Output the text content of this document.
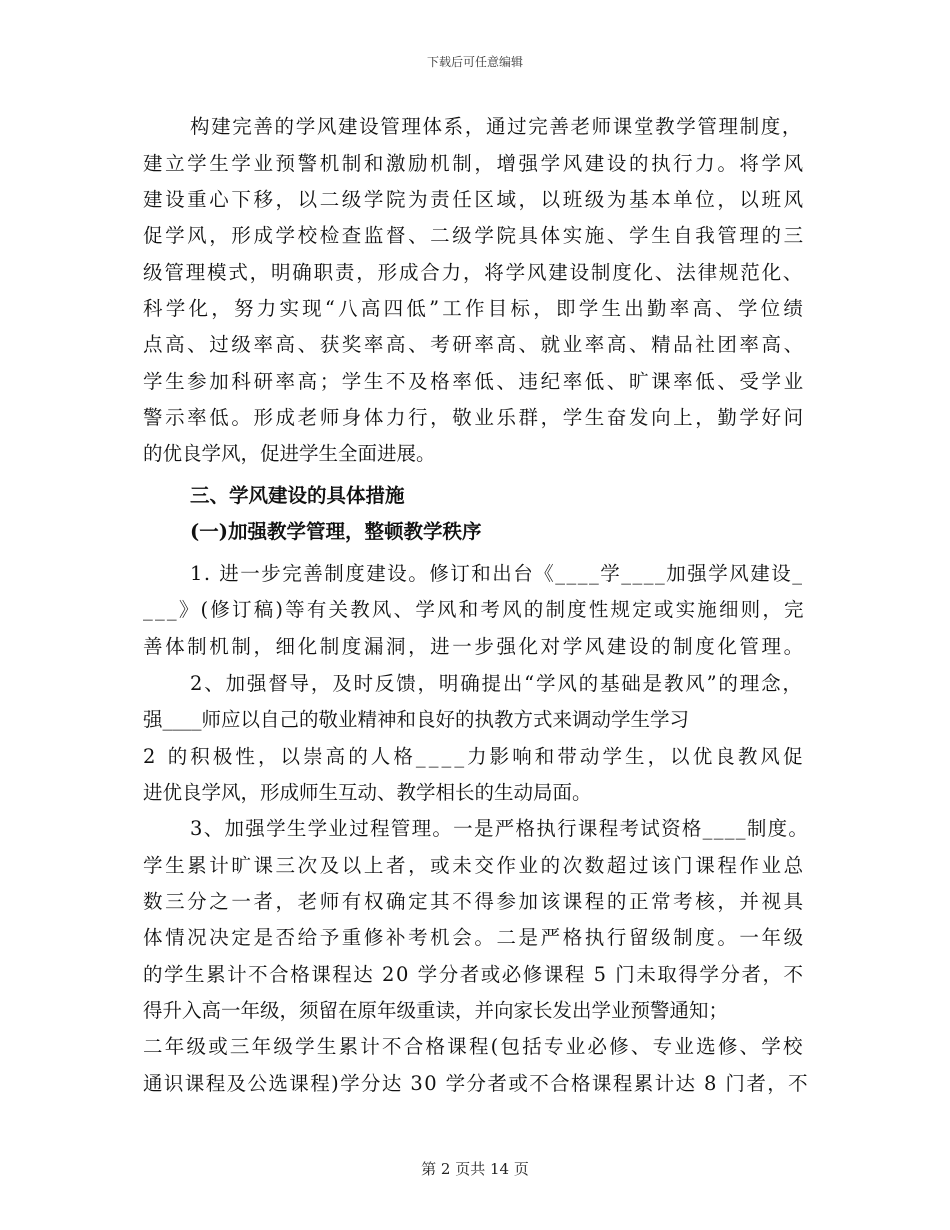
下载后可任意编辑
构建完善的学风建设管理体系，通过完善老师课堂教学管理制度，
建立学生学业预警机制和激励机制，增强学风建设的执行力。将学风
建设重心下移，以二级学院为责任区域，以班级为基本单位，以班风
促学风，形成学校检查监督、二级学院具体实施、学生自我管理的三
级管理模式，明确职责，形成合力，将学风建设制度化、法律规范化、
科学化，努力实现“八高四低”工作目标，即学生出勤率高、学位绩
点高、过级率高、获奖率高、考研率高、就业率高、精品社团率高、
学生参加科研率高；学生不及格率低、违纪率低、旷课率低、受学业
警示率低。形成老师身体力行，敬业乐群，学生奋发向上，勤学好问
的优良学风，促进学生全面进展。
三、学风建设的具体措施
(一)加强教学管理，整顿教学秩序
1. 进一步完善制度建设。修订和出台《____学____加强学风建设_
___》(修订稿)等有关教风、学风和考风的制度性规定或实施细则，完
善体制机制，细化制度漏洞，进一步强化对学风建设的制度化管理。
2、加强督导，及时反馈，明确提出“学风的基础是教风”的理念，
强____师应以自己的敬业精神和良好的执教方式来调动学生学习
2 的积极性，以崇高的人格____力影响和带动学生，以优良教风促
进优良学风，形成师生互动、教学相长的生动局面。
3、加强学生学业过程管理。一是严格执行课程考试资格____制度。
学生累计旷课三次及以上者，或未交作业的次数超过该门课程作业总
数三分之一者，老师有权确定其不得参加该课程的正常考核，并视具
体情况决定是否给予重修补考机会。二是严格执行留级制度。一年级
的学生累计不合格课程达 20 学分者或必修课程 5 门未取得学分者，不
得升入高一年级，须留在原年级重读，并向家长发出学业预警通知；
二年级或三年级学生累计不合格课程(包括专业必修、专业选修、学校
通识课程及公选课程)学分达 30 学分者或不合格课程累计达 8 门者，不
第 2 页共 14 页
